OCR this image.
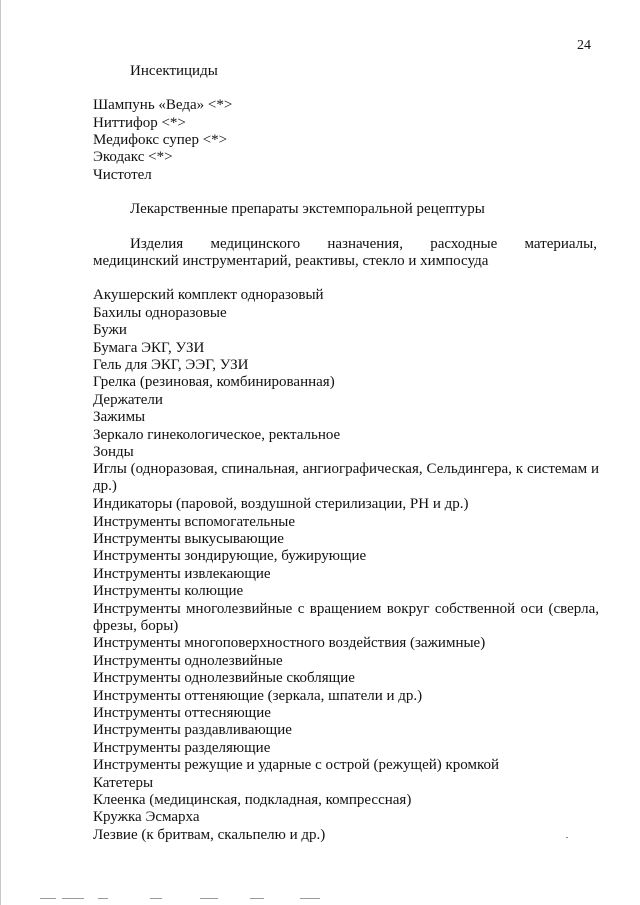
24
Инсектициды
Шампунь «Веда» <*>
Ниттифор <*>
Медифокс супер <*>
Экодакс <*>
Чистотел
Лекарственные препараты экстемпоральной рецептуры
Изделия медицинского назначения, расходные материалы,
медицинский инструментарий, реактивы, стекло и химпосуда
Акушерский комплект одноразовый
Бахилы одноразовые
Бужи
Бумага ЭКГ, УЗИ
Гель для ЭКГ, ЭЭГ, УЗИ
Грелка (резиновая, комбинированная)
Держатели
Зажимы
Зеркало гинекологическое, ректальное
Зонды
Иглы (одноразовая, спинальная, ангиографическая, Сельдингера, к системам и др.)
Индикаторы (паровой, воздушной стерилизации, PH и др.)
Инструменты вспомогательные
Инструменты выкусывающие
Инструменты зондирующие, бужирующие
Инструменты извлекающие
Инструменты колющие
Инструменты многолезвийные с вращением вокруг собственной оси (сверла, фрезы, боры)
Инструменты многоповерхностного воздействия (зажимные)
Инструменты однолезвийные
Инструменты однолезвийные скоблящие
Инструменты оттеняющие (зеркала, шпатели и др.)
Инструменты оттесняющие
Инструменты раздавливающие
Инструменты разделяющие
Инструменты режущие и ударные с острой (режущей) кромкой
Катетеры
Клеенка (медицинская, подкладная, компрессная)
Кружка Эсмарха
Лезвие (к бритвам, скальпелю и др.)
